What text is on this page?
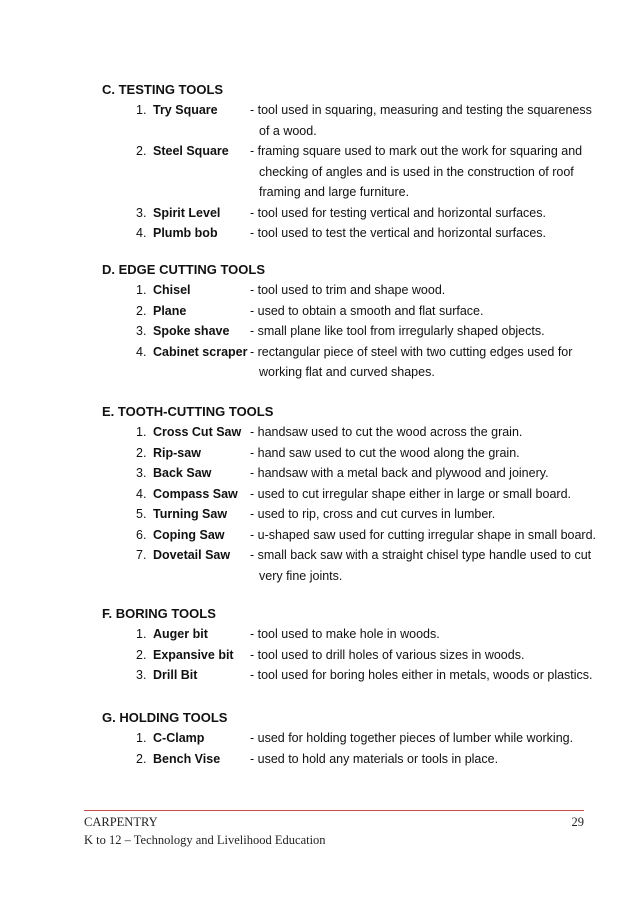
C. TESTING TOOLS
1. Try Square	- tool used in squaring, measuring and testing the squareness of a wood.
2. Steel Square - framing square used to mark out the work for squaring and checking of angles and is used in the construction of roof framing and large furniture.
3. Spirit Level - tool used for testing vertical and horizontal surfaces.
4. Plumb bob	- tool used to test the vertical and horizontal surfaces.
D. EDGE CUTTING TOOLS
1. Chisel	- tool used to trim and shape wood.
2. Plane	- used to obtain a smooth and flat surface.
3. Spoke shave - small plane like tool from irregularly shaped objects.
4. Cabinet scraper - rectangular piece of steel with two cutting edges used for working flat and curved shapes.
E. TOOTH-CUTTING TOOLS
1. Cross Cut Saw - handsaw used to cut the wood across the grain.
2. Rip-saw	- hand saw used to cut the wood along the grain.
3. Back Saw	- handsaw with a metal back and plywood and joinery.
4. Compass Saw - used to cut irregular shape either in large or small board.
5. Turning Saw - used to rip, cross and cut curves in lumber.
6. Coping Saw - u-shaped saw used for cutting irregular shape in small board.
7. Dovetail Saw - small back saw with a straight chisel type handle used to cut very fine joints.
F. BORING TOOLS
1. Auger bit	- tool used to make hole in woods.
2. Expansive bit - tool used to drill holes of various sizes in woods.
3. Drill Bit	- tool used for boring holes either in metals, woods or plastics.
G. HOLDING TOOLS
1. C-Clamp	- used for holding together pieces of lumber while working.
2. Bench Vise - used to hold any materials or tools in place.
CARPENTRY	29
K to 12 – Technology and Livelihood Education
